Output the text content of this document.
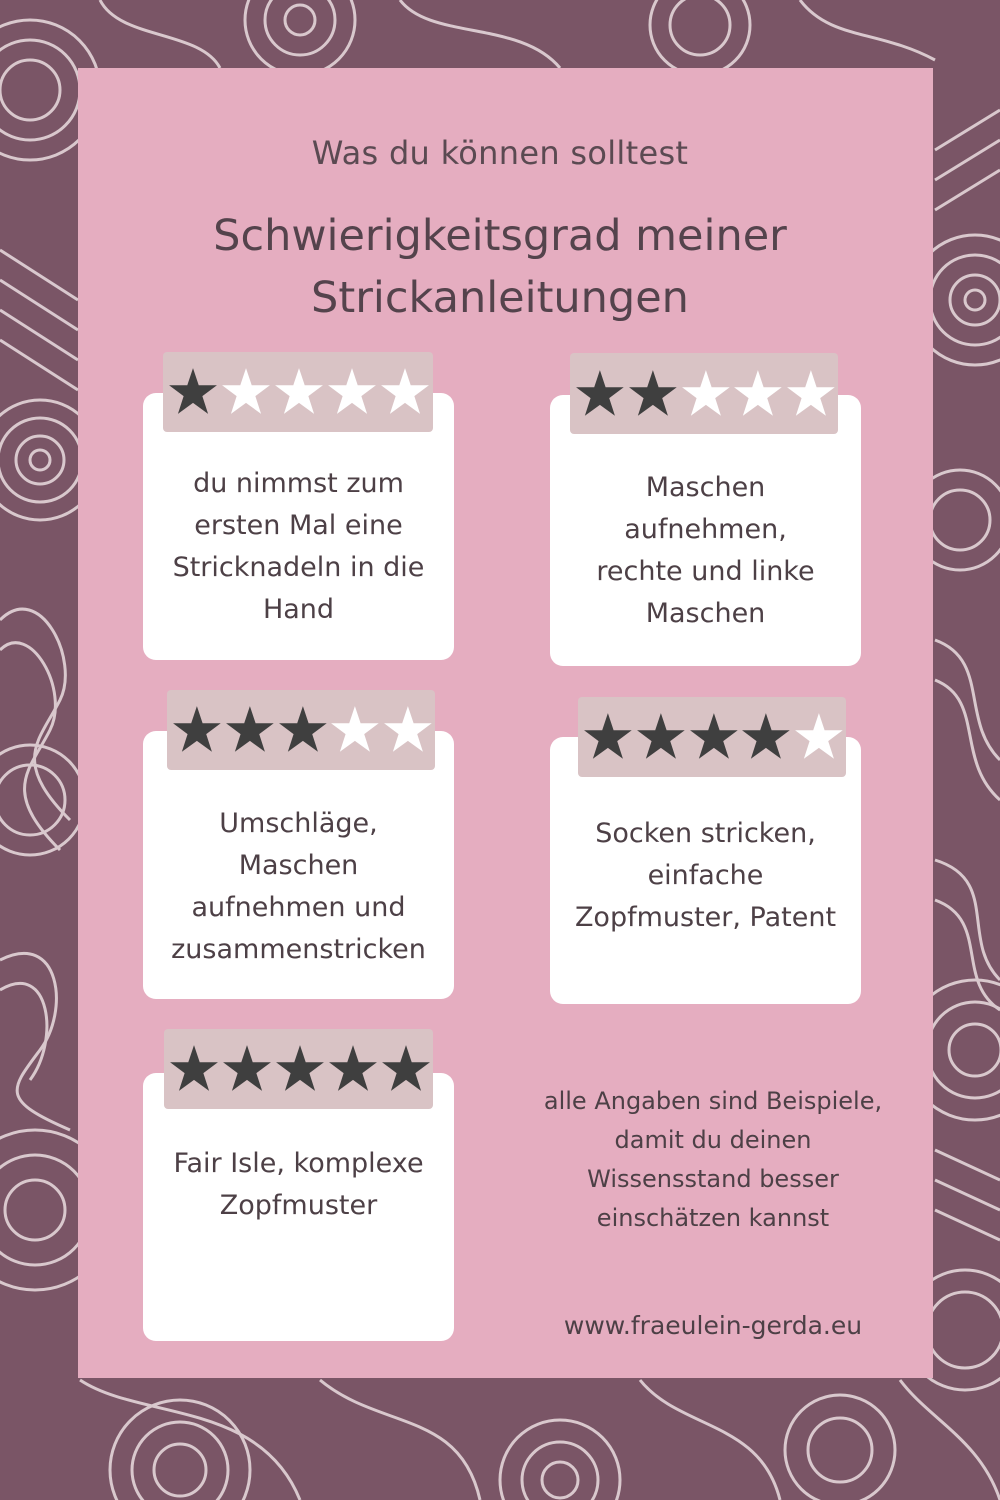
Was du können solltest
Schwierigkeitsgrad meiner
Strickanleitungen
du nimmst zum
ersten Mal eine
Stricknadeln in die
Hand
Maschen
aufnehmen,
rechte und linke
Maschen
Umschläge,
Maschen
aufnehmen und
zusammenstricken
Socken stricken,
einfache
Zopfmuster, Patent
Fair Isle, komplexe
Zopfmuster
alle Angaben sind Beispiele,
damit du deinen
Wissensstand besser
einschätzen kannst
www.fraeulein-gerda.eu
